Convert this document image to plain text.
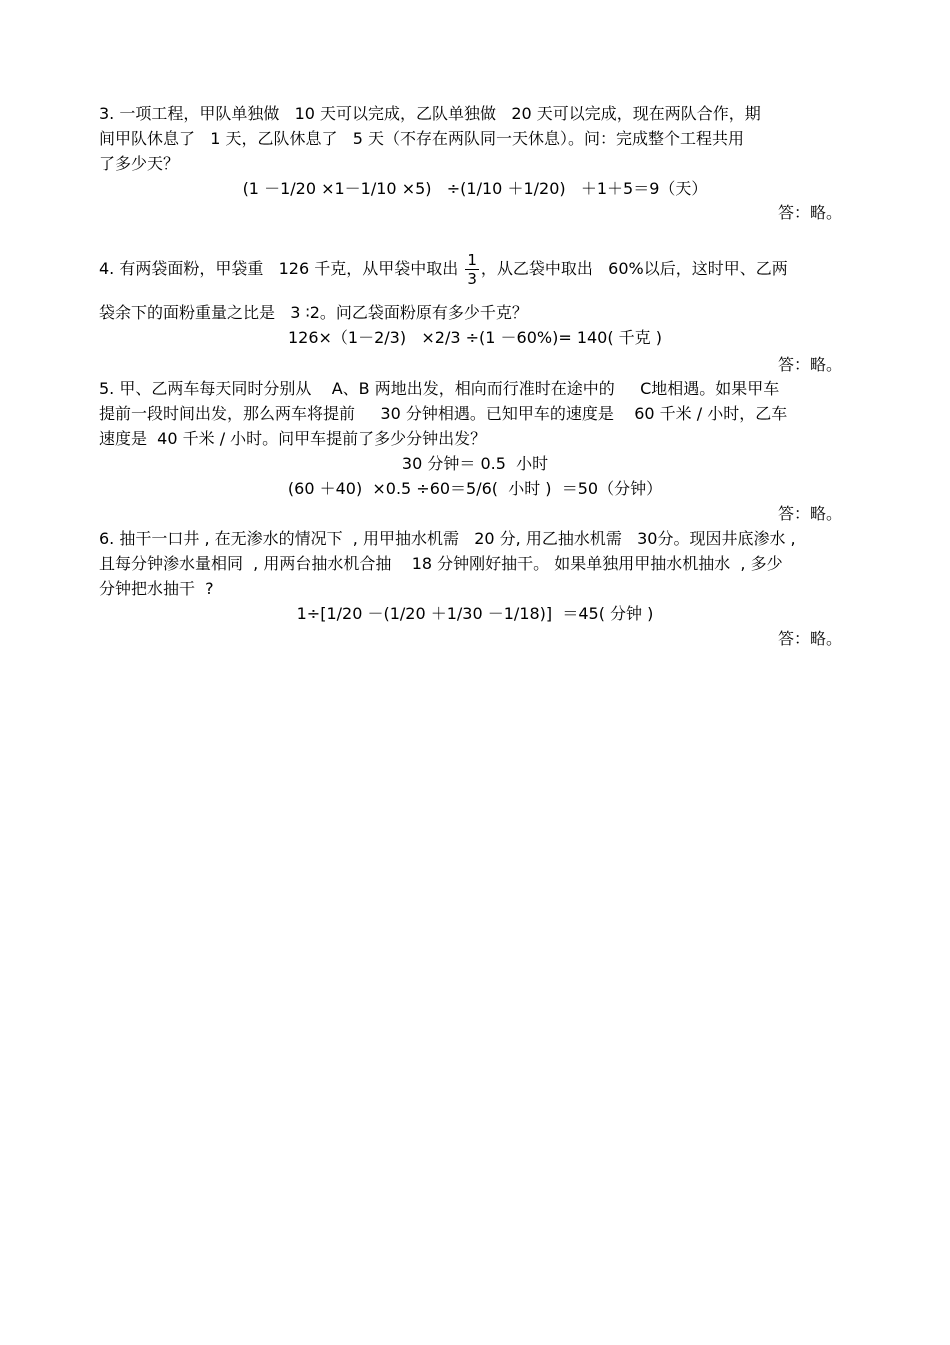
3. 一项工程，甲队单独做   10 天可以完成，乙队单独做   20 天可以完成，现在两队合作，期
间甲队休息了   1 天，乙队休息了   5 天（不存在两队同一天休息）。问：完成整个工程共用
了多少天？
(1 －1/20 ×1－1/10 ×5)   ÷(1/10 ＋1/20)   ＋1＋5＝9（天）
答：略。
4. 有两袋面粉，甲袋重   126 千克，从甲袋中取出 $\frac{1}{3}$ ，从乙袋中取出   60%以后，这时甲、乙两
袋余下的面粉重量之比是   3 ∶2。问乙袋面粉原有多少千克？
126×（1－2/3)   ×2/3 ÷(1 －60%)= 140( 千克 )
答：略。
5. 甲、乙两车每天同时分别从    A、B 两地出发，相向而行准时在途中的     C地相遇。如果甲车
提前一段时间出发，那么两车将提前     30 分钟相遇。已知甲车的速度是    60 千米 / 小时，乙车
速度是  40 千米 / 小时。问甲车提前了多少分钟出发？
30 分钟＝ 0.5  小时
(60 ＋40)  ×0.5 ÷60＝5/6(  小时 )  ＝50（分钟）
答：略。
6. 抽干一口井 , 在无渗水的情况下  , 用甲抽水机需   20 分, 用乙抽水机需   30分。现因井底渗水 ,
且每分钟渗水量相同  , 用两台抽水机合抽    18 分钟刚好抽干。 如果单独用甲抽水机抽水  , 多少
分钟把水抽干  ?
1÷[1/20 －(1/20 ＋1/30 －1/18)]  ＝45( 分钟 )
答：略。
